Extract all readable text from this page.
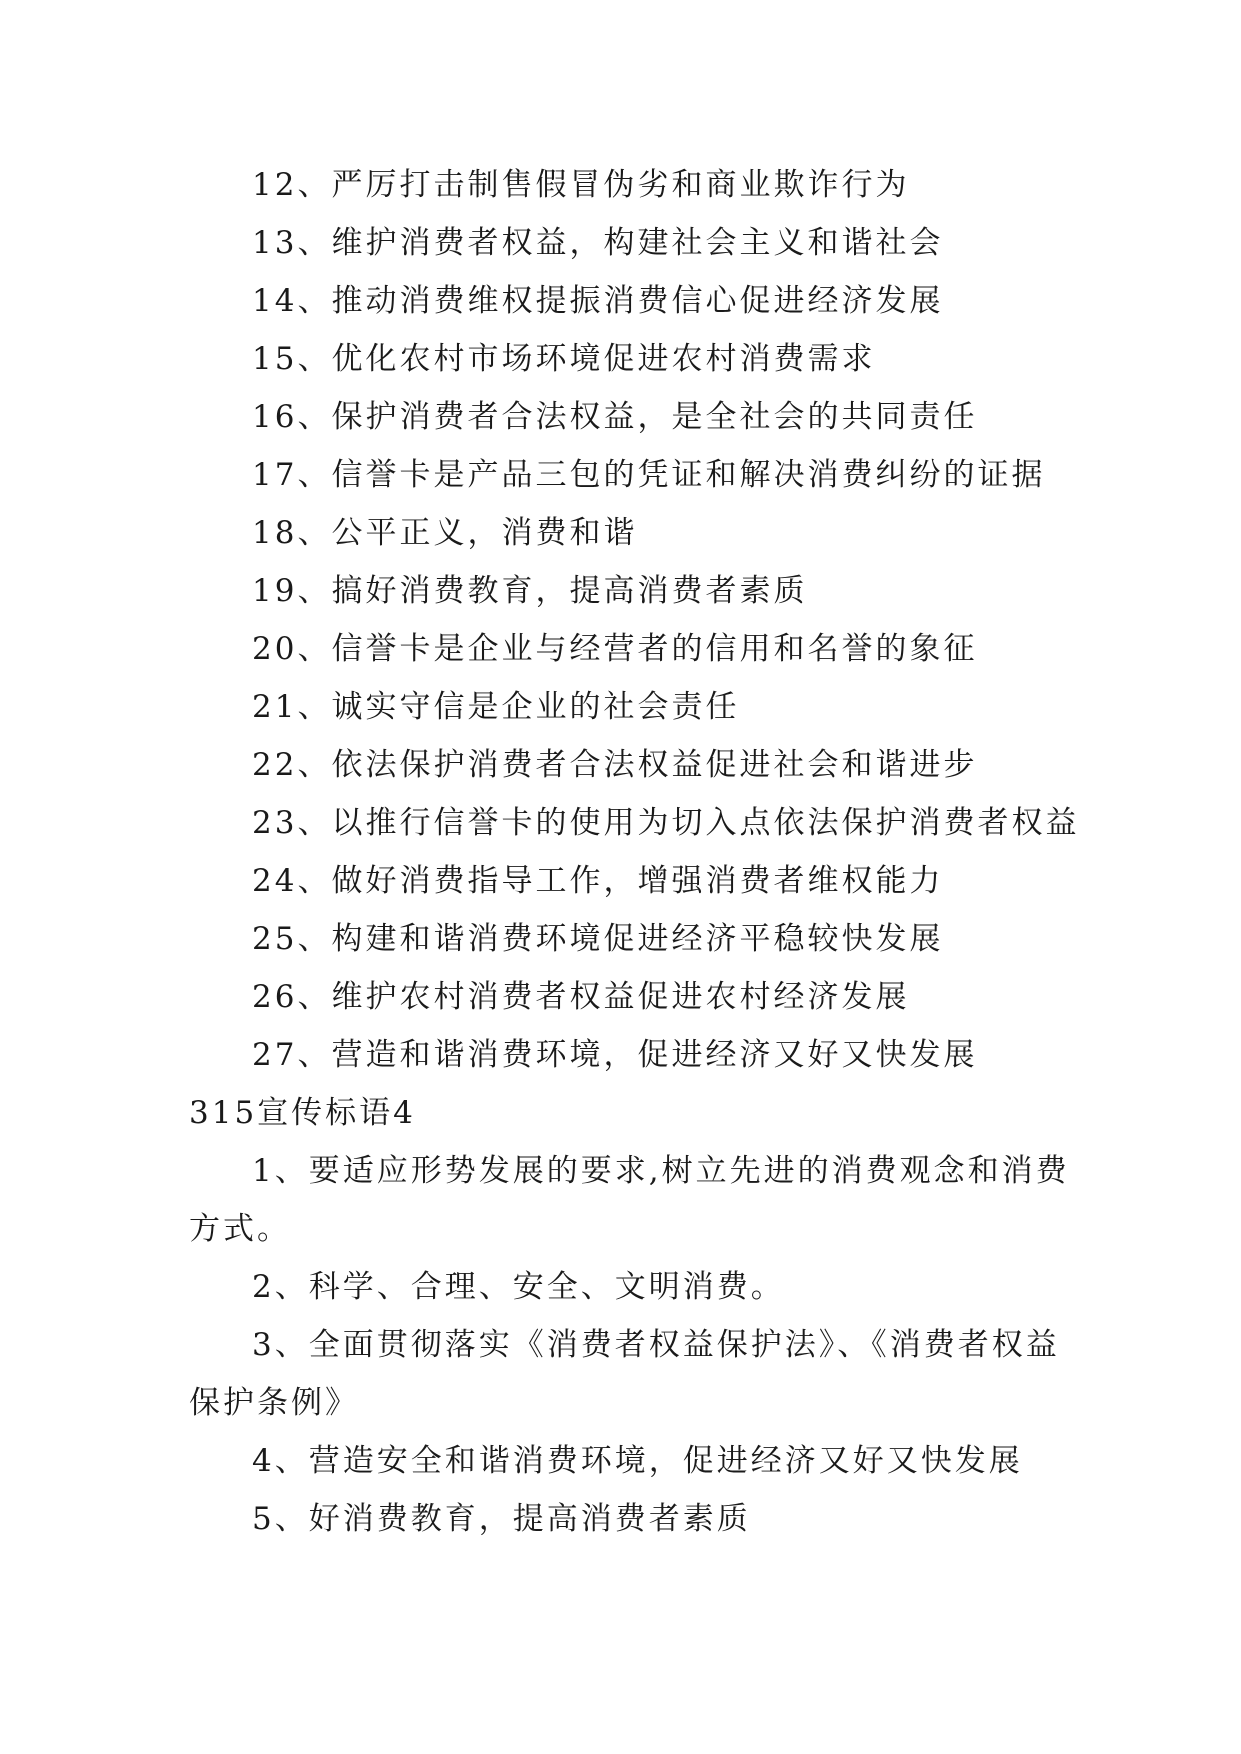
12、严厉打击制售假冒伪劣和商业欺诈行为
13、维护消费者权益，构建社会主义和谐社会
14、推动消费维权提振消费信心促进经济发展
15、优化农村市场环境促进农村消费需求
16、保护消费者合法权益，是全社会的共同责任
17、信誉卡是产品三包的凭证和解决消费纠纷的证据
18、公平正义，消费和谐
19、搞好消费教育，提高消费者素质
20、信誉卡是企业与经营者的信用和名誉的象征
21、诚实守信是企业的社会责任
22、依法保护消费者合法权益促进社会和谐进步
23、以推行信誉卡的使用为切入点依法保护消费者权益
24、做好消费指导工作，增强消费者维权能力
25、构建和谐消费环境促进经济平稳较快发展
26、维护农村消费者权益促进农村经济发展
27、营造和谐消费环境，促进经济又好又快发展
315宣传标语4
1、要适应形势发展的要求,树立先进的消费观念和消费
方式。
2、科学、合理、安全、文明消费。
3、全面贯彻落实《消费者权益保护法》、《消费者权益
保护条例》
4、营造安全和谐消费环境，促进经济又好又快发展
5、好消费教育，提高消费者素质
